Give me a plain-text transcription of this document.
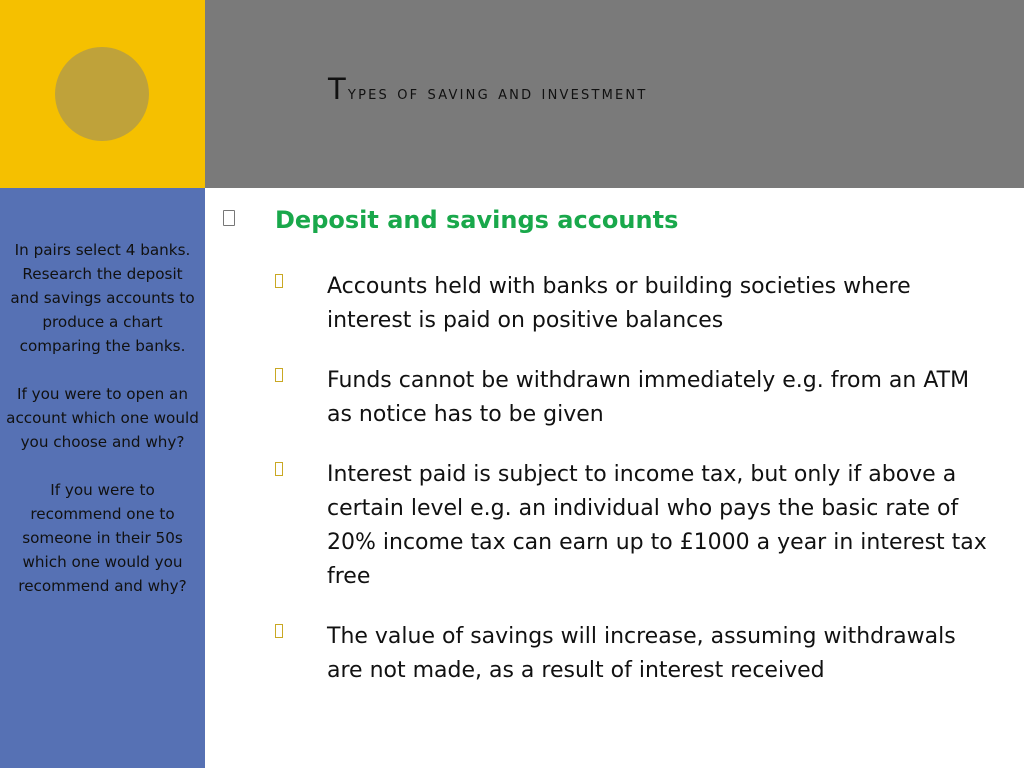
Types of saving and investment

In pairs select 4 banks. Research the deposit and savings accounts to produce a chart comparing the banks.

If you were to open an account which one would you choose and why?

If you were to recommend one to someone in their 50s which one would you recommend and why?

Deposit and savings accounts
Accounts held with banks or building societies where interest is paid on positive balances
Funds cannot be withdrawn immediately e.g. from an ATM as notice has to be given
Interest paid is subject to income tax, but only if above a certain level e.g. an individual who pays the basic rate of 20% income tax can earn up to £1000 a year in interest tax free
The value of savings will increase, assuming withdrawals are not made, as a result of interest received
